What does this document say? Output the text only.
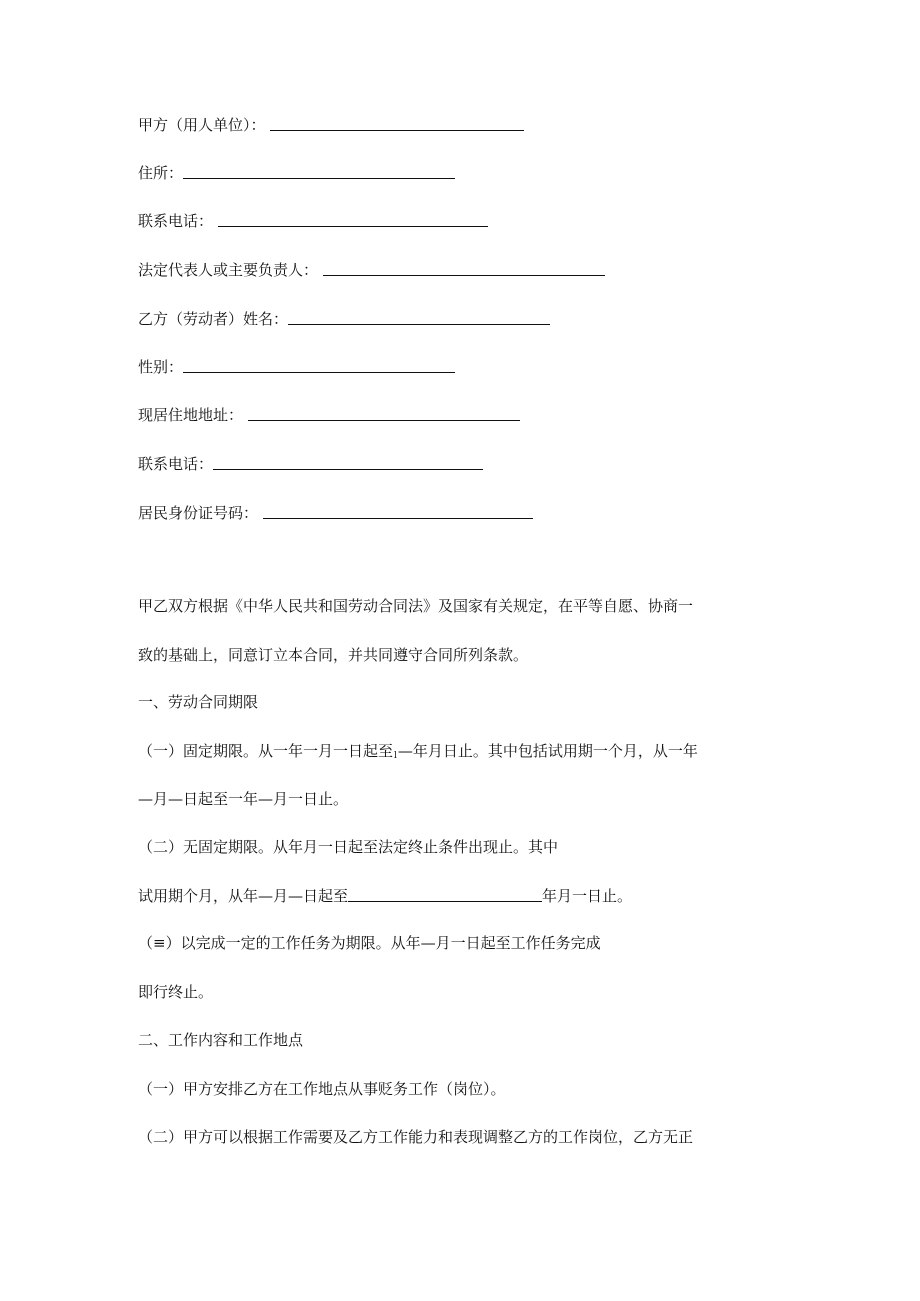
甲方（用人单位）：
住所：
联系电话：
法定代表人或主要负责人：
乙方（劳动者）姓名：
性别：
现居住地地址：
联系电话：
居民身份证号码：
甲乙双方根据《中华人民共和国劳动合同法》及国家有关规定，在平等自愿、协商一
致的基础上，同意订立本合同，并共同遵守合同所列条款。
一、劳动合同期限
（一）固定期限。从一年一月一日起至l—年月日止。其中包括试用期一个月，从一年
—月—日起至一年—月一日止。
（二）无固定期限。从年月一日起至法定终止条件出现止。其中
试用期个月，从年—月—日起至	年月一日止。
（≡）以完成一定的工作任务为期限。从年—月一日起至工作任务完成
即行终止。
二、工作内容和工作地点
（一）甲方安排乙方在工作地点从事贬务工作（岗位）。
（二）甲方可以根据工作需要及乙方工作能力和表现调整乙方的工作岗位，乙方无正
